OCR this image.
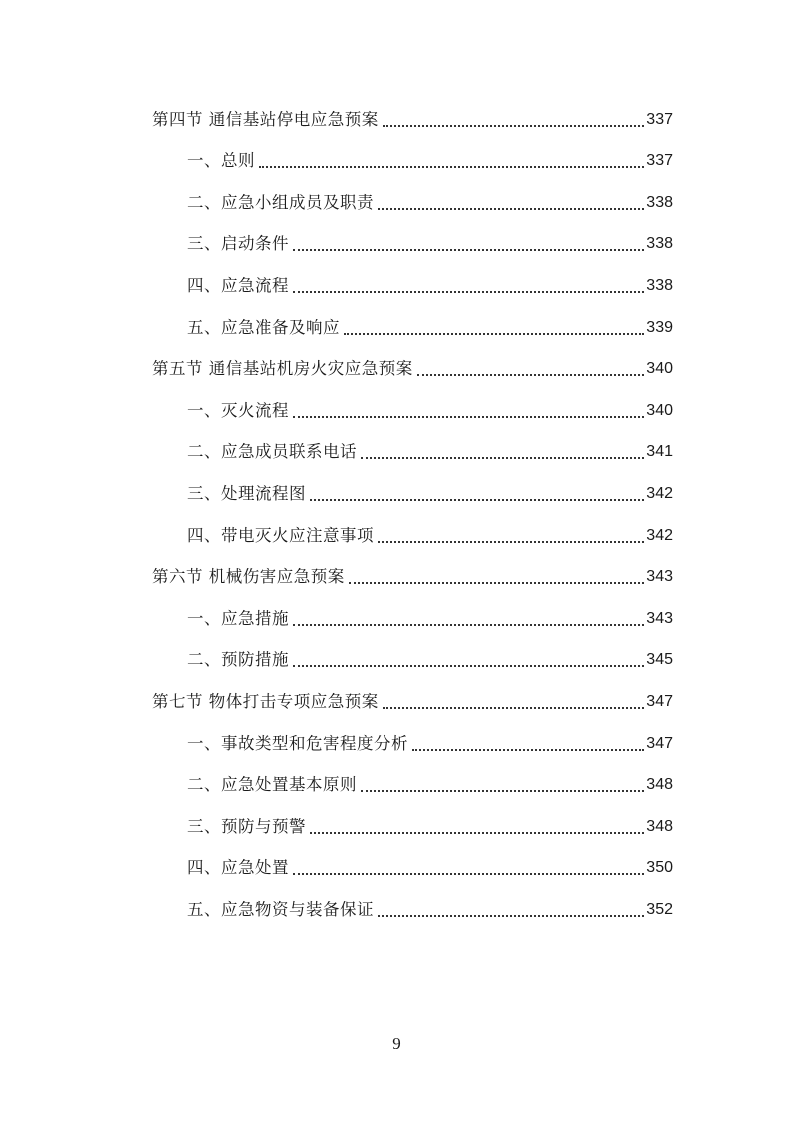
第四节 通信基站停电应急预案	337
一、总则	337
二、应急小组成员及职责	338
三、启动条件	338
四、应急流程	338
五、应急准备及响应	339
第五节 通信基站机房火灾应急预案	340
一、灭火流程	340
二、应急成员联系电话	341
三、处理流程图	342
四、带电灭火应注意事项	342
第六节 机械伤害应急预案	343
一、应急措施	343
二、预防措施	345
第七节 物体打击专项应急预案	347
一、事故类型和危害程度分析	347
二、应急处置基本原则	348
三、预防与预警	348
四、应急处置	350
五、应急物资与装备保证	352
9
